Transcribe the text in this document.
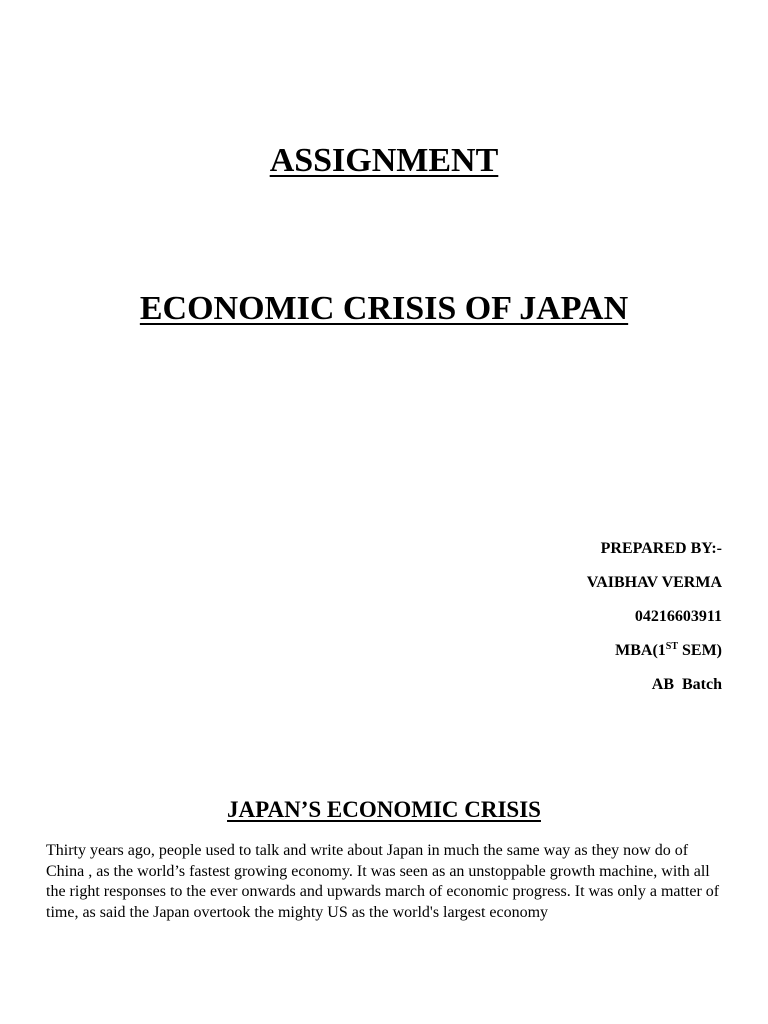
ASSIGNMENT
ECONOMIC CRISIS OF JAPAN
PREPARED BY:-
VAIBHAV VERMA
04216603911
MBA(1ST SEM)
AB  Batch
JAPAN’S ECONOMIC CRISIS

Thirty years ago, people used to talk and write about Japan in much the same way as they now do of China , as the world’s fastest growing economy. It was seen as an unstoppable growth machine, with all the right responses to the ever onwards and upwards march of economic progress. It was only a matter of time, as said the Japan overtook the mighty US as the world's largest economy
